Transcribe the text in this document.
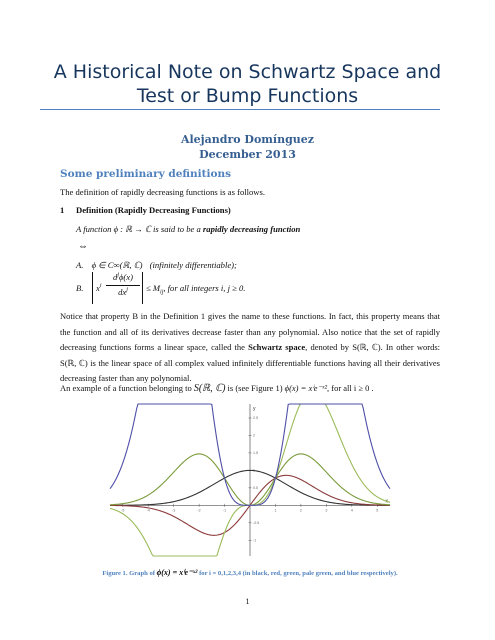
A Historical Note on Schwartz Space and Test or Bump Functions
Alejandro Domínguez
December 2013
Some preliminary definitions
The definition of rapidly decreasing functions is as follows.
1 Definition (Rapidly Decreasing Functions)
A function ϕ : ℝ → ℂ is said to be a rapidly decreasing function
⇔
A. ϕ ∈ C∞(ℝ, ℂ) (infinitely differentiable);
B. $x^i$
$d^j\phi(x)$
$dx^j$	≤ $M_{ij}$, for all integers i, j ≥ 0.
Notice that property B in the Definition 1 gives the name to these functions. In fact, this property means that the function and all of its derivatives decrease faster than any polynomial. Also notice that the set of rapidly decreasing functions forms a linear space, called the Schwartz space, denoted by S(ℝ, ℂ). In other words: S(ℝ, ℂ) is the linear space of all complex valued infinitely differentiable functions having all their derivatives decreasing faster than any polynomial.
An example of a function belonging to S(ℝ, ℂ) is (see Figure 1) ϕ(x) = xⁱe⁻ˣ², for all i ≥ 0 .
x
y
-5	-4	-3	-2	-1	1	2	3	4	5
-1
-0.5
0.5
1
1.5
2
2.5
Figure 1. Graph of ϕ(x) = xⁱe⁻ˣ² for i = 0,1,2,3,4 (in black, red, green, pale green, and blue respectively).
1
